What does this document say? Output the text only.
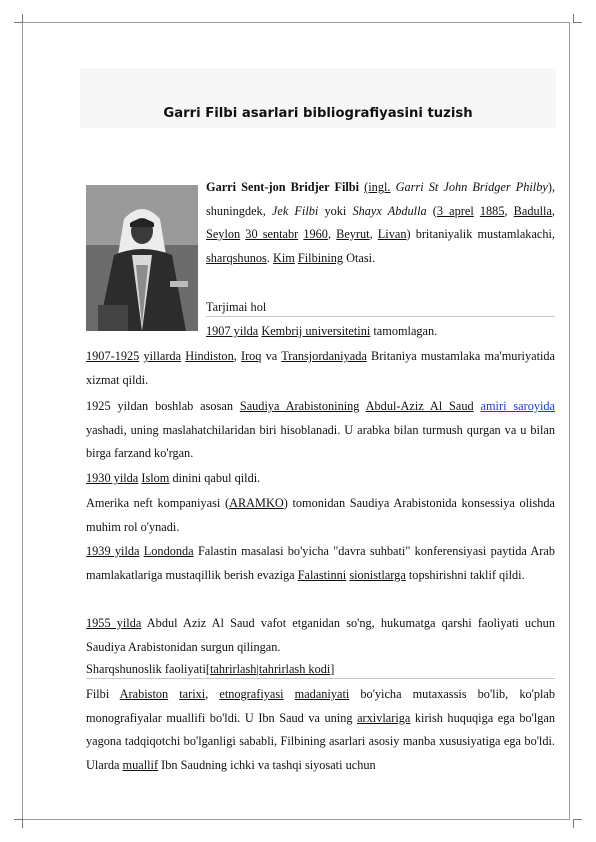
Garri Filbi asarlari bibliografiyasini tuzish
Garri Sent-jon Bridjer Filbi (ingl. Garri St John Bridger Philby), shuningdek, Jek Filbi yoki Shayx Abdulla (3 aprel 1885, Badulla, Seylon 30 sentabr 1960, Beyrut, Livan) britaniyalik mustamlakachi, sharqshunos. Kim Filbining Otasi.
Tarjimai hol
1907 yilda Kembrij universitetini tamomlagan.
1907-1925 yillarda Hindiston, Iroq va Transjordaniyada Britaniya mustamlaka ma'muriyatida xizmat qildi.
1925 yildan boshlab asosan Saudiya Arabistonining Abdul-Aziz Al Saud amiri saroyida yashadi, uning maslahatchilaridan biri hisoblanadi. U arabka bilan turmush qurgan va u bilan birga farzand ko'rgan.
1930 yilda Islom dinini qabul qildi.
Amerika neft kompaniyasi (ARAMKO) tomonidan Saudiya Arabistonida konsessiya olishda muhim rol o'ynadi.
1939 yilda Londonda Falastin masalasi bo'yicha "davra suhbati" konferensiyasi paytida Arab mamlakatlariga mustaqillik berish evaziga Falastinni sionistlarga topshirishni taklif qildi.
1955 yilda Abdul Aziz Al Saud vafot etganidan so'ng, hukumatga qarshi faoliyati uchun Saudiya Arabistonidan surgun qilingan.
Sharqshunoslik faoliyati[tahrirlash|tahrirlash kodi]
Filbi Arabiston tarixi, etnografiyasi madaniyati bo'yicha mutaxassis bo'lib, ko'plab monografiyalar muallifi bo'ldi. U Ibn Saud va uning arxivlariga kirish huquqiga ega bo'lgan yagona tadqiqotchi bo'lganligi sababli, Filbining asarlari asosiy manba xususiyatiga ega bo'ldi. Ularda muallif Ibn Saudning ichki va tashqi siyosati uchun
